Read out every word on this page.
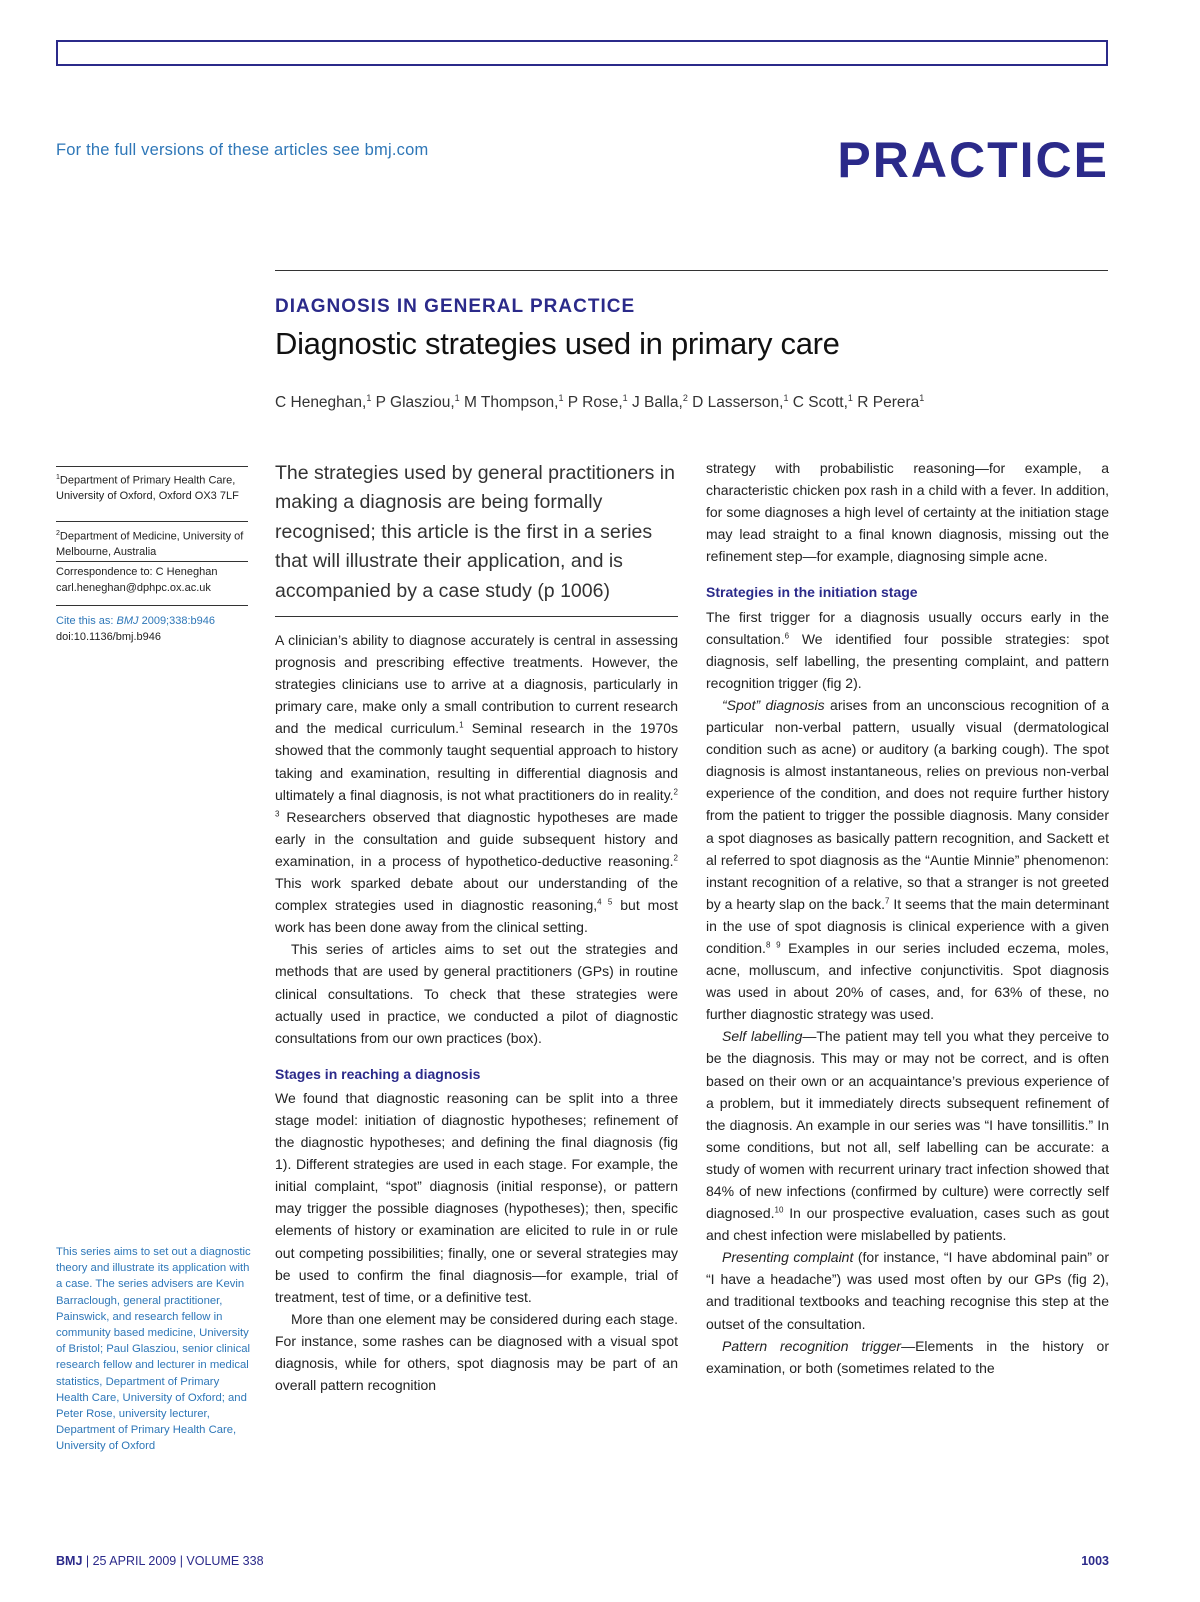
For the full versions of these articles see bmj.com	PRACTICE
DIAGNOSIS IN GENERAL PRACTICE
Diagnostic strategies used in primary care
C Heneghan,$^1$ P Glasziou,$^1$ M Thompson,$^1$ P Rose,$^1$ J Balla,$^2$ D Lasserson,$^1$ C Scott,$^1$ R Perera$^1$
$^1$Department of Primary Health Care, University of Oxford, Oxford OX3 7LF
$^2$Department of Medicine, University of Melbourne, Australia
Correspondence to: C Heneghan
carl.heneghan@dphpc.ox.ac.uk
Cite this as: BMJ 2009;338:b946
doi:10.1136/bmj.b946
This series aims to set out a diagnostic theory and illustrate its application with a case. The series advisers are Kevin Barraclough, general practitioner, Painswick, and research fellow in community based medicine, University of Bristol; Paul Glasziou, senior clinical research fellow and lecturer in medical statistics, Department of Primary Health Care, University of Oxford; and Peter Rose, university lecturer, Department of Primary Health Care, University of Oxford
The strategies used by general practitioners in making a diagnosis are being formally recognised; this article is the first in a series that will illustrate their application, and is accompanied by a case study (p 1006)

A clinician’s ability to diagnose accurately is central in assessing prognosis and prescribing effective treatments. However, the strategies clinicians use to arrive at a diagnosis, particularly in primary care, make only a small contribution to current research and the medical curriculum.$^1$ Seminal research in the 1970s showed that the commonly taught sequential approach to history taking and examination, resulting in differential diagnosis and ultimately a final diagnosis, is not what practitioners do in reality.$^{2 3}$ Researchers observed that diagnostic hypotheses are made early in the consultation and guide subsequent history and examination, in a process of hypothetico-deductive reasoning.$^2$ This work sparked debate about our understanding of the complex strategies used in diagnostic reasoning,$^{4 5}$ but most work has been done away from the clinical setting.

This series of articles aims to set out the strategies and methods that are used by general practitioners (GPs) in routine clinical consultations. To check that these strategies were actually used in practice, we conducted a pilot of diagnostic consultations from our own practices (box).

Stages in reaching a diagnosis

We found that diagnostic reasoning can be split into a three stage model: initiation of diagnostic hypotheses; refinement of the diagnostic hypotheses; and defining the final diagnosis (fig 1). Different strategies are used in each stage. For example, the initial complaint, “spot” diagnosis (initial response), or pattern may trigger the possible diagnoses (hypotheses); then, specific elements of history or examination are elicited to rule in or rule out competing possibilities; finally, one or several strategies may be used to confirm the final diagnosis—for example, trial of treatment, test of time, or a definitive test.

More than one element may be considered during each stage. For instance, some rashes can be diagnosed with a visual spot diagnosis, while for others, spot diagnosis may be part of an overall pattern recognition

strategy with probabilistic reasoning—for example, a characteristic chicken pox rash in a child with a fever. In addition, for some diagnoses a high level of certainty at the initiation stage may lead straight to a final known diagnosis, missing out the refinement step—for example, diagnosing simple acne.

Strategies in the initiation stage

The first trigger for a diagnosis usually occurs early in the consultation.$^6$ We identified four possible strategies: spot diagnosis, self labelling, the presenting complaint, and pattern recognition trigger (fig 2).

“Spot” diagnosis arises from an unconscious recognition of a particular non-verbal pattern, usually visual (dermatological condition such as acne) or auditory (a barking cough). The spot diagnosis is almost instantaneous, relies on previous non-verbal experience of the condition, and does not require further history from the patient to trigger the possible diagnosis. Many consider a spot diagnoses as basically pattern recognition, and Sackett et al referred to spot diagnosis as the “Auntie Minnie” phenomenon: instant recognition of a relative, so that a stranger is not greeted by a hearty slap on the back.$^7$ It seems that the main determinant in the use of spot diagnosis is clinical experience with a given condition.$^{8 9}$ Examples in our series included eczema, moles, acne, molluscum, and infective conjunctivitis. Spot diagnosis was used in about 20% of cases, and, for 63% of these, no further diagnostic strategy was used.

Self labelling—The patient may tell you what they perceive to be the diagnosis. This may or may not be correct, and is often based on their own or an acquaintance’s previous experience of a problem, but it immediately directs subsequent refinement of the diagnosis. An example in our series was “I have tonsillitis.” In some conditions, but not all, self labelling can be accurate: a study of women with recurrent urinary tract infection showed that 84% of new infections (confirmed by culture) were correctly self diagnosed.$^{10}$ In our prospective evaluation, cases such as gout and chest infection were mislabelled by patients.

Presenting complaint (for instance, “I have abdominal pain” or “I have a headache”) was used most often by our GPs (fig 2), and traditional textbooks and teaching recognise this step at the outset of the consultation.

Pattern recognition trigger—Elements in the history or examination, or both (sometimes related to the

BMJ | 25 APRIL 2009 | VOLUME 338	1003
